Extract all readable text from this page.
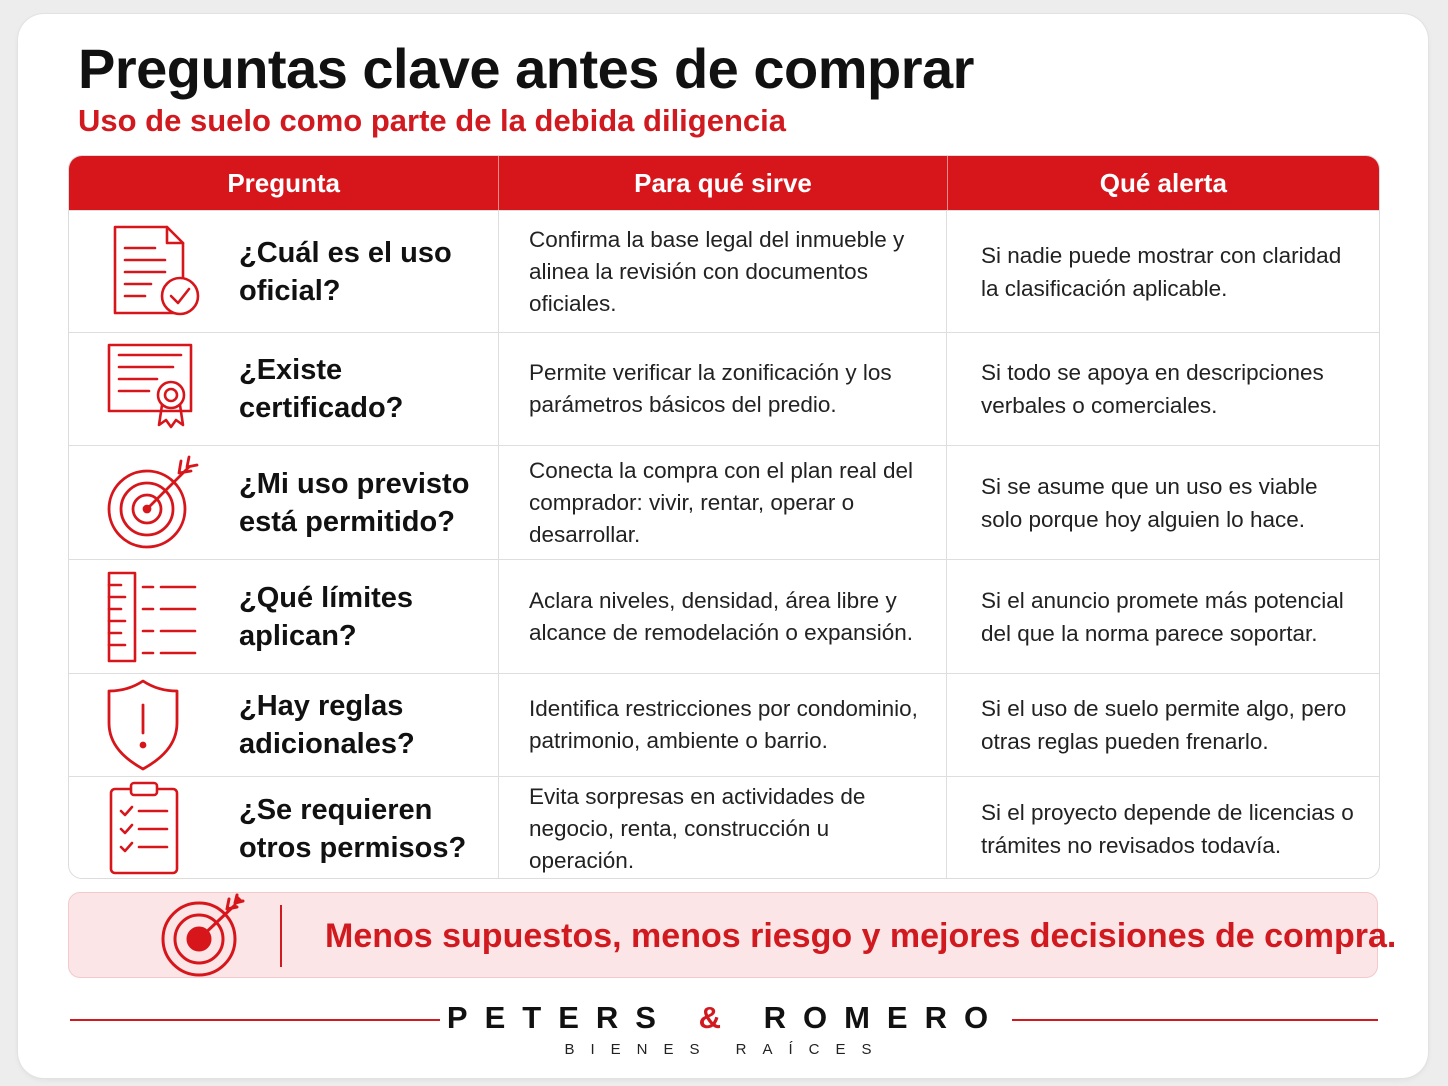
Preguntas clave antes de comprar
Uso de suelo como parte de la debida diligencia
Pregunta	Para qué sirve	Qué alerta
¿Cuál es el uso oficial?
Confirma la base legal del inmueble y alinea la revisión con documentos oficiales.
Si nadie puede mostrar con claridad la clasificación aplicable.
¿Existe certificado?
Permite verificar la zonificación y los parámetros básicos del predio.
Si todo se apoya en descripciones verbales o comerciales.
¿Mi uso previsto está permitido?
Conecta la compra con el plan real del comprador: vivir, rentar, operar o desarrollar.
Si se asume que un uso es viable solo porque hoy alguien lo hace.
¿Qué límites aplican?
Aclara niveles, densidad, área libre y alcance de remodelación o expansión.
Si el anuncio promete más potencial del que la norma parece soportar.
¿Hay reglas adicionales?
Identifica restricciones por condominio, patrimonio, ambiente o barrio.
Si el uso de suelo permite algo, pero otras reglas pueden frenarlo.
¿Se requieren otros permisos?
Evita sorpresas en actividades de negocio, renta, construcción u operación.
Si el proyecto depende de licencias o trámites no revisados todavía.
Menos supuestos, menos riesgo y mejores decisiones de compra.
PETERS & ROMERO
BIENES RAÍCES
